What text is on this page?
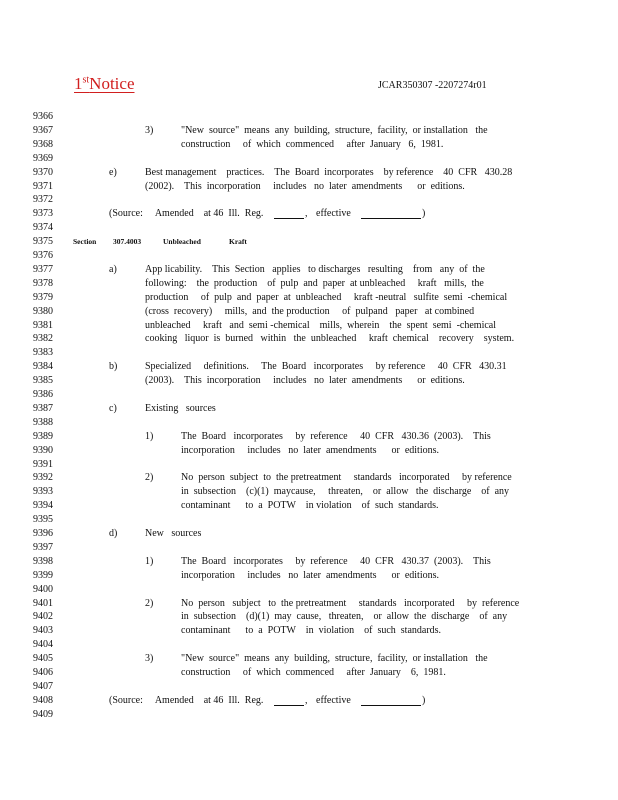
1stNotice	JCAR350307 -2207274r01
9366
9367	3)	"New  source"  means  any  building,  structure,  facility,  or installation   the
9368	construction     of  which  commenced     after  January   6,  1981.
9369
9370	e)	Best management    practices.    The  Board  incorporates    by reference    40  CFR   430.28
9371	(2002).    This  incorporation     includes   no  later  amendments      or  editions.
9372
9373	(Source:     Amended    at 46  Ill.  Reg.	, effective	)
9374
9375	Section 307.4003	Unbleached	Kraft
9376
9377	a)	App licability.    This  Section   applies   to discharges   resulting    from   any  of  the
9378	following:    the  production    of  pulp  and  paper  at unbleached     kraft   mills,  the
9379	production     of  pulp  and  paper  at  unbleached     kraft -neutral   sulfite  semi  -chemical
9380	(cross  recovery)     mills,  and  the production     of  pulpand   paper   at combined
9381	unbleached     kraft   and  semi -chemical    mills,  wherein    the  spent  semi  -chemical
9382	cooking   liquor  is  burned   within   the  unbleached     kraft  chemical    recovery    system.
9383
9384	b)	Specialized     definitions.     The  Board   incorporates     by reference     40  CFR   430.31
9385	(2003).    This  incorporation     includes   no  later  amendments      or  editions.
9386
9387	c)	Existing   sources
9388
9389	1)	The  Board   incorporates     by  reference     40  CFR   430.36  (2003).    This
9390	incorporation     includes   no  later  amendments      or  editions.
9391
9392	2)	No  person  subject  to  the pretreatment     standards   incorporated     by reference
9393	in  subsection    (c)(1)  maycause,     threaten,    or  allow   the  discharge    of  any
9394	contaminant      to  a  POTW    in violation    of  such  standards.
9395
9396	d)	New   sources
9397
9398	1)	The  Board   incorporates     by  reference     40  CFR   430.37  (2003).    This
9399	incorporation     includes   no  later  amendments      or  editions.
9400
9401	2)	No  person   subject   to  the pretreatment     standards   incorporated     by  reference
9402	in  subsection    (d)(1)  may  cause,   threaten,    or  allow  the  discharge    of  any
9403	contaminant      to  a  POTW    in  violation    of  such  standards.
9404
9405	3)	"New  source"  means  any  building,  structure,  facility,  or installation   the
9406	construction     of  which  commenced     after  January    6,  1981.
9407
9408	(Source:     Amended    at 46  Ill.  Reg.	, effective	)
9409
